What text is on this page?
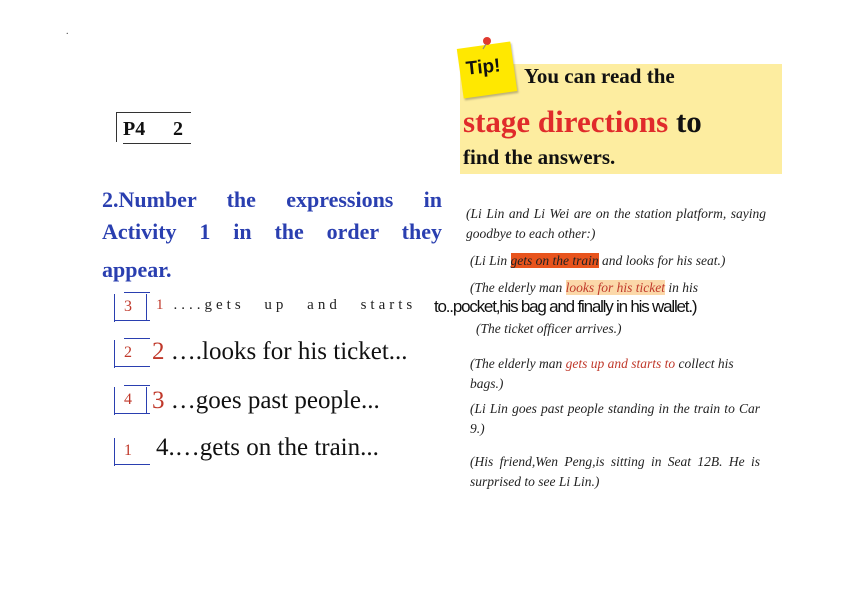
.
P4 2
2.Number the expressions in
Activity 1 in the order they
appear.
3 1 ....gets up and starts to..pocket,his bag and finally in his wallet.)
2 2 ….looks for his ticket...
4 3 …goes past people...
1 4.…gets on the train...
Tip! You can read the
stage directions to
find the answers.
(Li Lin and Li Wei are on the station platform, saying goodbye to each other:)
(Li Lin gets on the train and looks for his seat.)
(The elderly man looks for his ticket in his
(The ticket officer arrives.)
(The elderly man gets up and starts to collect his bags.)
(Li Lin goes past people standing in the train to Car 9.)
(His friend,Wen Peng,is sitting in Seat 12B. He is surprised to see Li Lin.)
